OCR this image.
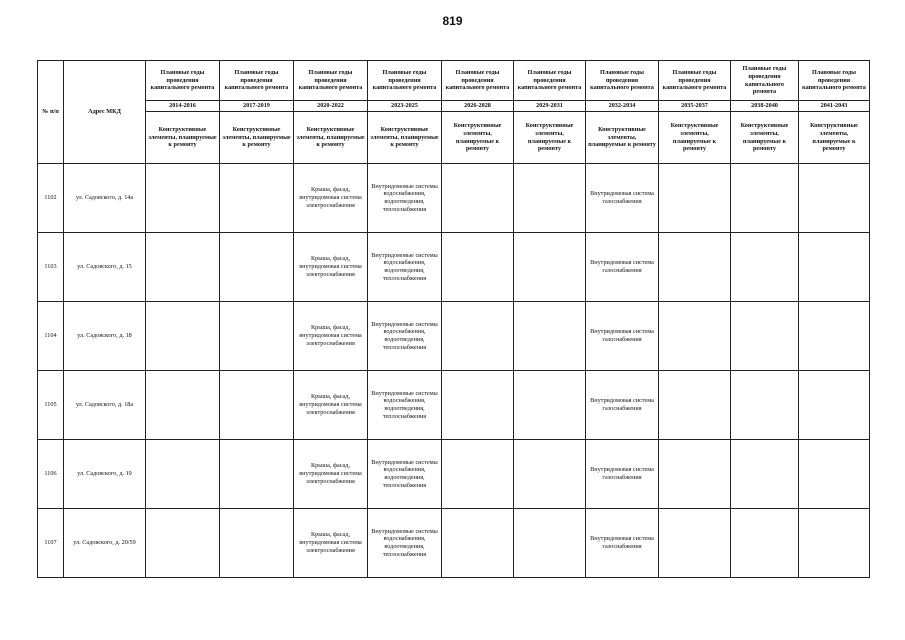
819
№ п/п	Адрес МКД	Плановые годы проведения капитального ремонта	Плановые годы проведения капитального ремонта	Плановые годы проведения капитального ремонта	Плановые годы проведения капитального ремонта	Плановые годы проведения капитального ремонта	Плановые годы проведения капитального ремонта	Плановые годы проведения капитального ремонта	Плановые годы проведения капитального ремонта	Плановые годы проведения капитального ремонта	Плановые годы проведения капитального ремонта
		2014-2016	2017-2019	2020-2022	2023-2025	2026-2028	2029-2031	2032-2034	2035-2037	2038-2040	2041-2043
		Конструктивные элементы, планируемые к ремонту	Конструктивные элементы, планируемые к ремонту	Конструктивные элементы, планируемые к ремонту	Конструктивные элементы, планируемые к ремонту	Конструктивные элементы, планируемые к ремонту	Конструктивные элементы, планируемые к ремонту	Конструктивные элементы, планируемые к ремонту	Конструктивные элементы, планируемые к ремонту	Конструктивные элементы, планируемые к ремонту	Конструктивные элементы, планируемые к ремонту
1102	ул. Садовского, д. 14а			Крыша, фасад, внутридомовая система электроснабжения	Внутридомовые системы водоснабжения, водоотведения, теплоснабжения			Внутридомовая система газоснабжения			
1103	ул. Садовского, д. 15			Крыша, фасад, внутридомовая система электроснабжения	Внутридомовые системы водоснабжения, водоотведения, теплоснабжения			Внутридомовая система газоснабжения			
1104	ул. Садовского, д. 18			Крыша, фасад, внутридомовая система электроснабжения	Внутридомовые системы водоснабжения, водоотведения, теплоснабжения			Внутридомовая система газоснабжения			
1105	ул. Садовского, д. 18а			Крыша, фасад, внутридомовая система электроснабжения	Внутридомовые системы водоснабжения, водоотведения, теплоснабжения			Внутридомовая система газоснабжения			
1106	ул. Садовского, д. 19			Крыша, фасад, внутридомовая система электроснабжения	Внутридомовые системы водоснабжения, водоотведения, теплоснабжения			Внутридомовая система газоснабжения			
1107	ул. Садовского, д. 20/59			Крыша, фасад, внутридомовая система электроснабжения	Внутридомовые системы водоснабжения, водоотведения, теплоснабжения			Внутридомовая система газоснабжения			
